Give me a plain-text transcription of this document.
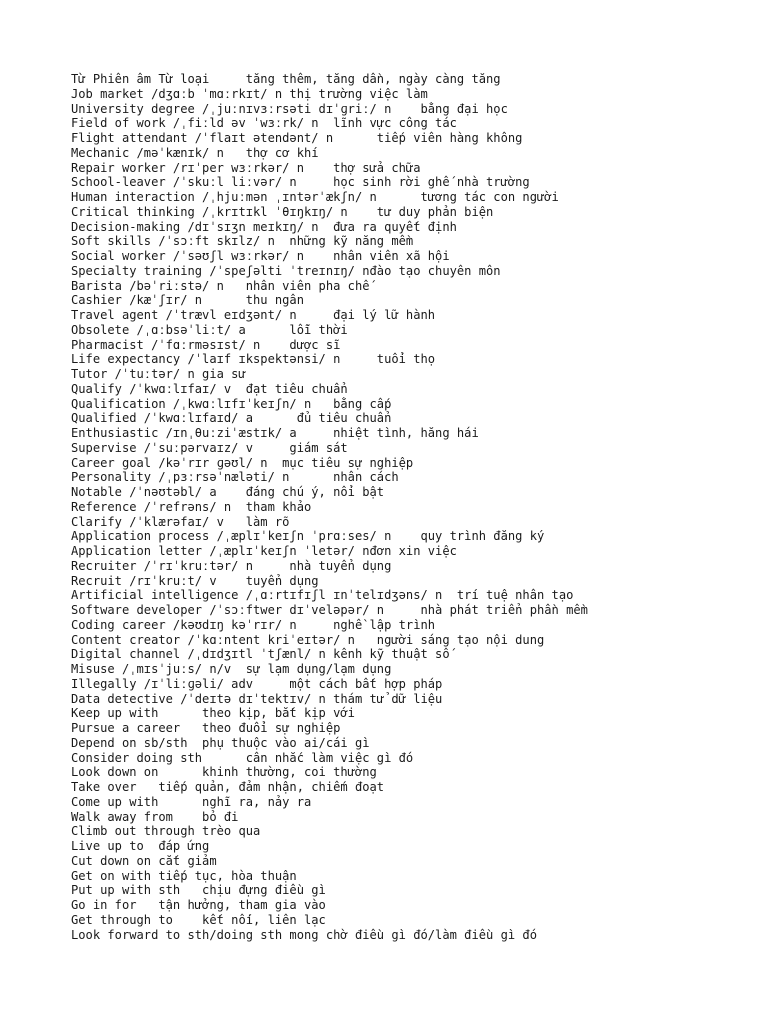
Từ Phiên âm Từ loại     tăng thêm, tăng dần, ngày càng tăng
Job market /dʒɑːb ˈmɑːrkɪt/ n thị trường việc làm
University degree /ˌjuːnɪvɜːrsəti dɪˈɡriː/ n    bằng đại học
Field of work /ˌfiːld əv ˈwɜːrk/ n  lĩnh vực công tác
Flight attendant /ˈflaɪt ətendənt/ n      tiếp viên hàng không
Mechanic /məˈkænɪk/ n   thợ cơ khí
Repair worker /rɪˈper wɜːrkər/ n    thợ sửa chữa
School-leaver /ˈskuːl liːvər/ n     học sinh rời ghế nhà trường
Human interaction /ˌhjuːmən ˌɪntərˈækʃn/ n      tương tác con người
Critical thinking /ˌkrɪtɪkl ˈθɪŋkɪŋ/ n    tư duy phản biện
Decision-making /dɪˈsɪʒn meɪkɪŋ/ n  đưa ra quyết định
Soft skills /ˈsɔːft skɪlz/ n  những kỹ năng mềm
Social worker /ˈsəʊʃl wɜːrkər/ n    nhân viên xã hội
Specialty training /ˈspeʃəlti ˈtreɪnɪŋ/ nđào tạo chuyên môn
Barista /bəˈriːstə/ n   nhân viên pha chế
Cashier /kæˈʃɪr/ n      thu ngân
Travel agent /ˈtrævl eɪdʒənt/ n     đại lý lữ hành
Obsolete /ˌɑːbsəˈliːt/ a      lỗi thời
Pharmacist /ˈfɑːrməsɪst/ n    dược sĩ
Life expectancy /ˈlaɪf ɪkspektənsi/ n     tuổi thọ
Tutor /ˈtuːtər/ n gia sư
Qualify /ˈkwɑːlɪfaɪ/ v  đạt tiêu chuẩn
Qualification /ˌkwɑːlɪfɪˈkeɪʃn/ n   bằng cấp
Qualified /ˈkwɑːlɪfaɪd/ a      đủ tiêu chuẩn
Enthusiastic /ɪnˌθuːziˈæstɪk/ a     nhiệt tình, hăng hái
Supervise /ˈsuːpərvaɪz/ v     giám sát
Career goal /kəˈrɪr ɡəʊl/ n  mục tiêu sự nghiệp
Personality /ˌpɜːrsəˈnæləti/ n      nhân cách
Notable /ˈnəʊtəbl/ a    đáng chú ý, nổi bật
Reference /ˈrefrəns/ n  tham khảo
Clarify /ˈklærəfaɪ/ v   làm rõ
Application process /ˌæplɪˈkeɪʃn ˈprɑːses/ n    quy trình đăng ký
Application letter /ˌæplɪˈkeɪʃn ˈletər/ nđơn xin việc
Recruiter /ˈrɪˈkruːtər/ n     nhà tuyển dụng
Recruit /rɪˈkruːt/ v    tuyển dụng
Artificial intelligence /ˌɑːrtɪfɪʃl ɪnˈtelɪdʒəns/ n  trí tuệ nhân tạo
Software developer /ˈsɔːftwer dɪˈveləpər/ n     nhà phát triển phần mềm
Coding career /kəʊdɪŋ kəˈrɪr/ n     nghề lập trình
Content creator /ˈkɑːntent kriˈeɪtər/ n   người sáng tạo nội dung
Digital channel /ˌdɪdʒɪtl ˈtʃænl/ n kênh kỹ thuật số
Misuse /ˌmɪsˈjuːs/ n/v  sự lạm dụng/lạm dụng
Illegally /ɪˈliːɡəli/ adv     một cách bất hợp pháp
Data detective /ˈdeɪtə dɪˈtektɪv/ n thám tử dữ liệu
Keep up with      theo kịp, bắt kịp với
Pursue a career   theo đuổi sự nghiệp
Depend on sb/sth  phụ thuộc vào ai/cái gì
Consider doing sth      cân nhắc làm việc gì đó
Look down on      khinh thường, coi thường
Take over   tiếp quản, đảm nhận, chiếm đoạt
Come up with      nghĩ ra, nảy ra
Walk away from    bỏ đi
Climb out through trèo qua
Live up to  đáp ứng
Cut down on cắt giảm
Get on with tiếp tục, hòa thuận
Put up with sth   chịu đựng điều gì
Go in for   tận hưởng, tham gia vào
Get through to    kết nối, liên lạc
Look forward to sth/doing sth mong chờ điều gì đó/làm điều gì đó
